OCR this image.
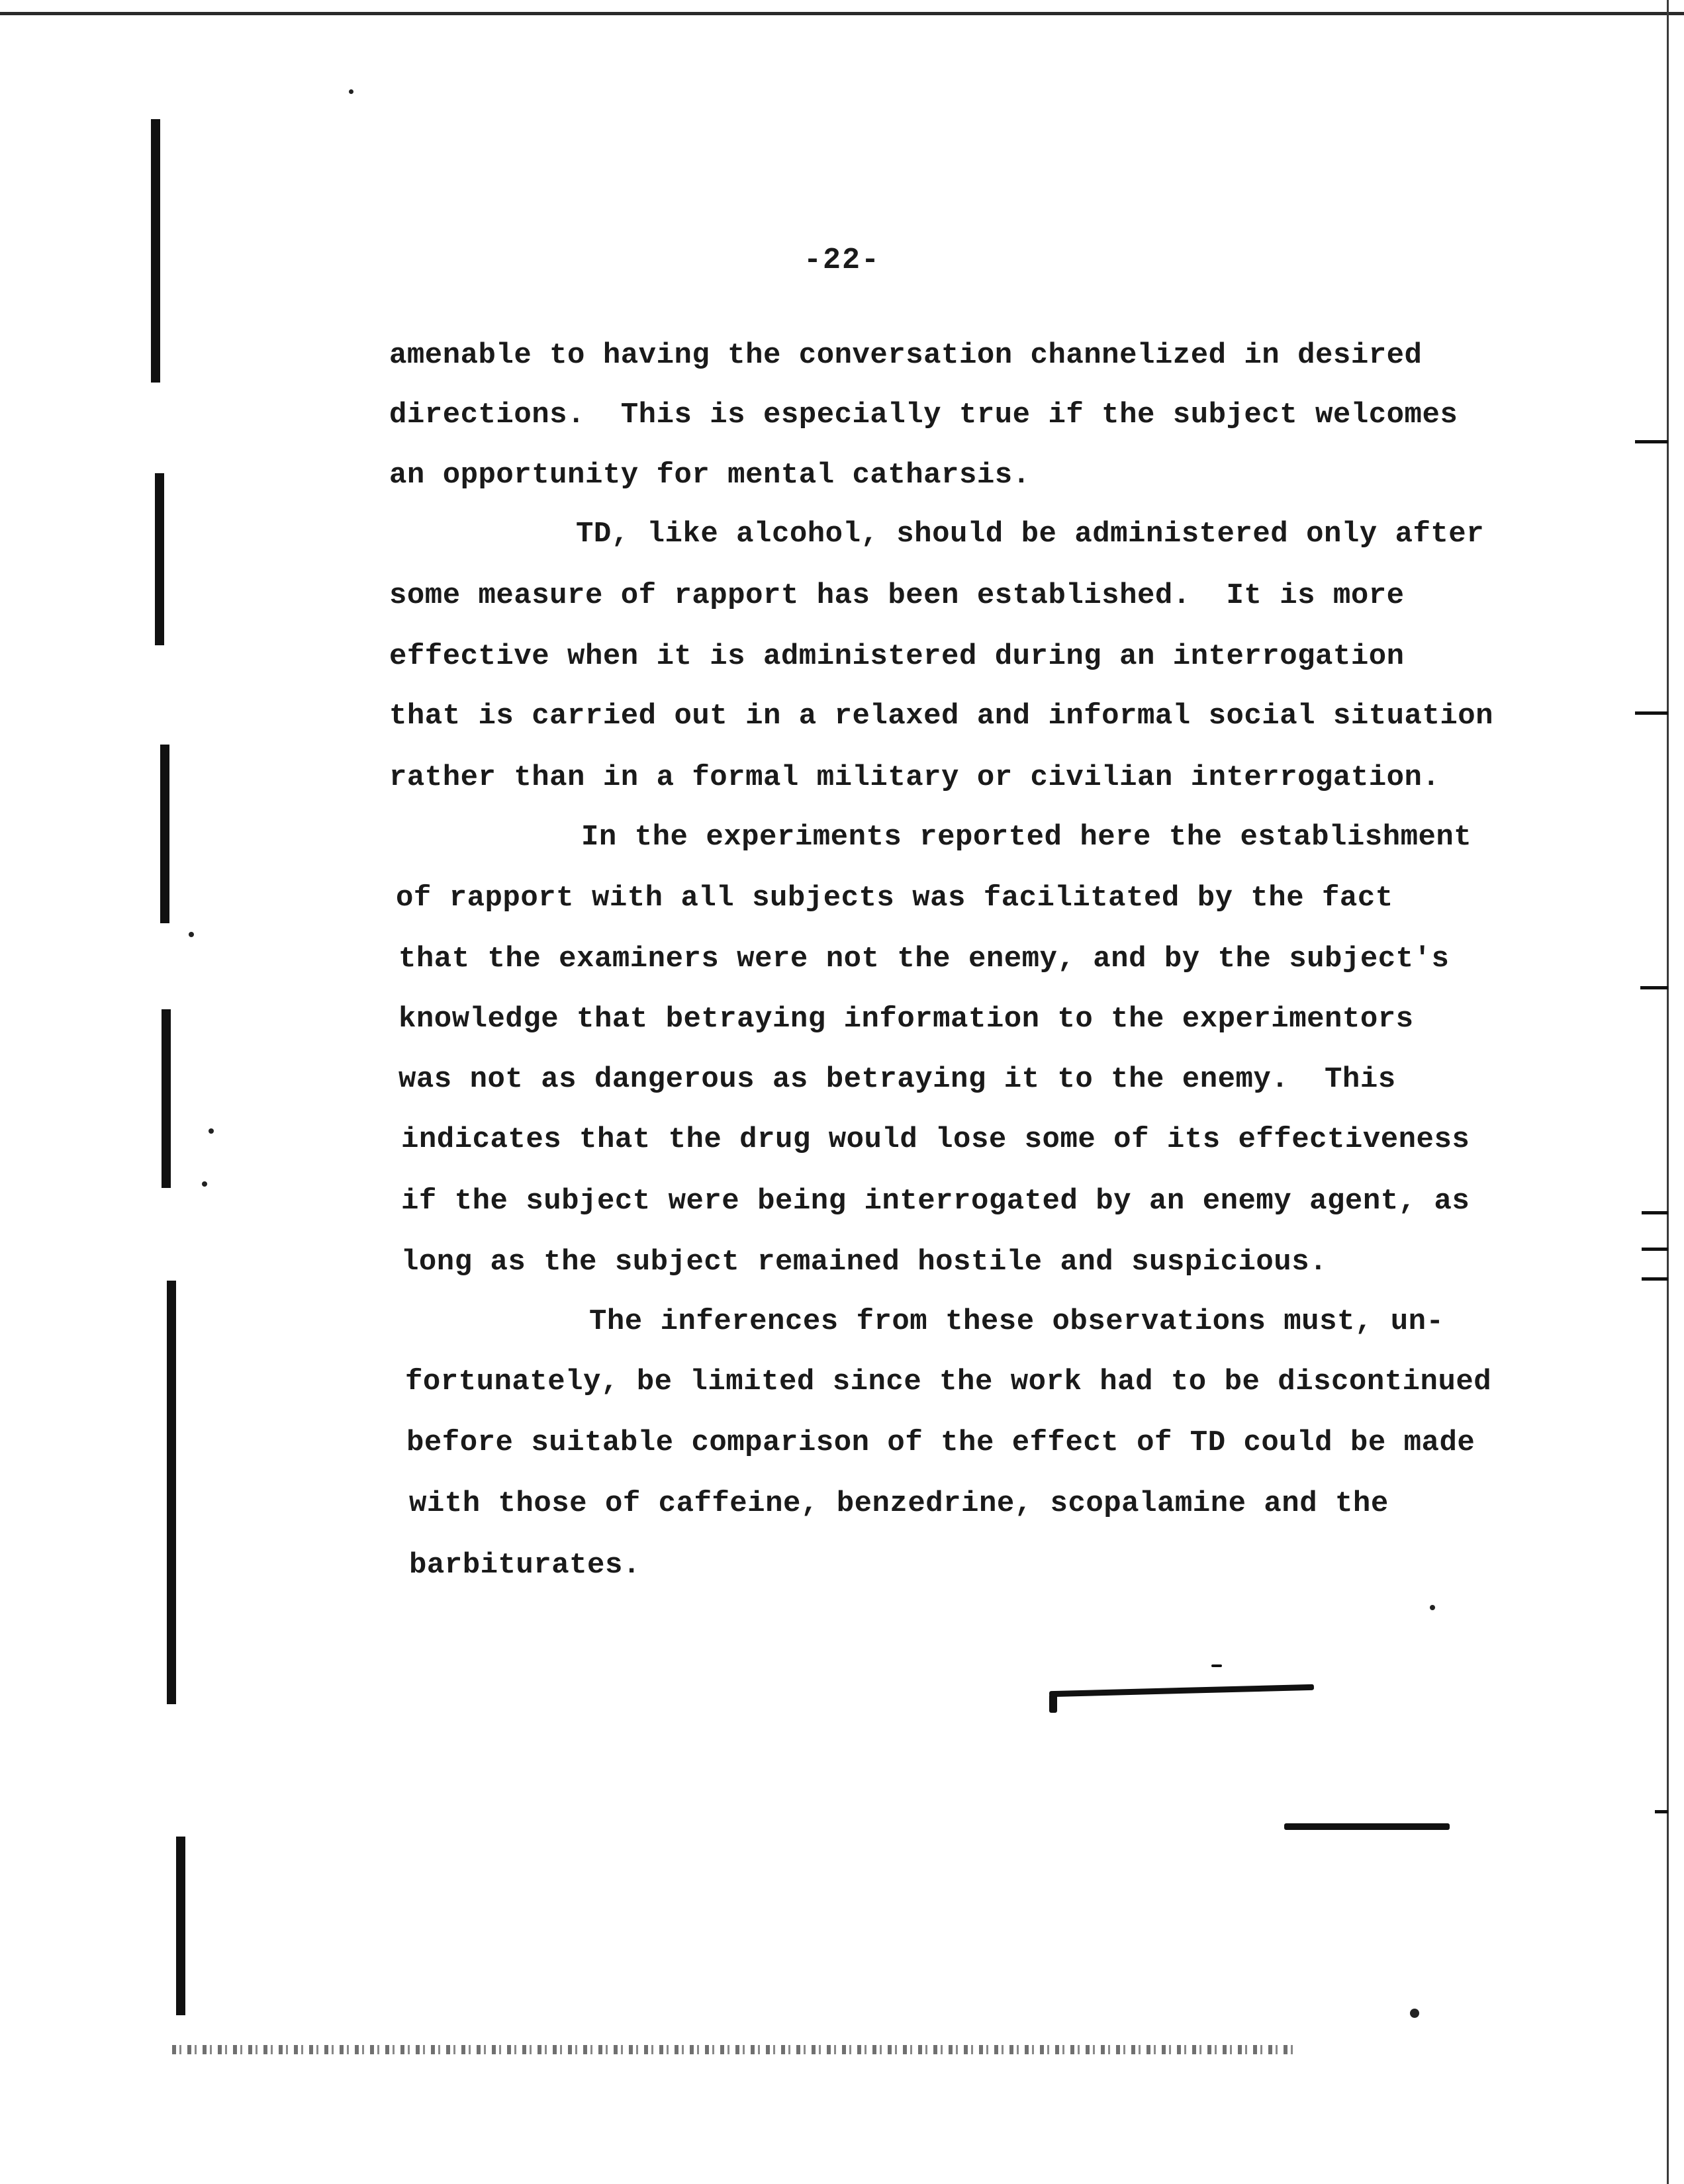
-22-
amenable to having the conversation channelized in desired
directions.  This is especially true if the subject welcomes
an opportunity for mental catharsis.
TD, like alcohol, should be administered only after
some measure of rapport has been established.  It is more
effective when it is administered during an interrogation
that is carried out in a relaxed and informal social situation
rather than in a formal military or civilian interrogation.
In the experiments reported here the establishment
of rapport with all subjects was facilitated by the fact
that the examiners were not the enemy, and by the subject's
knowledge that betraying information to the experimentors
was not as dangerous as betraying it to the enemy.  This
indicates that the drug would lose some of its effectiveness
if the subject were being interrogated by an enemy agent, as
long as the subject remained hostile and suspicious.
The inferences from these observations must, un-
fortunately, be limited since the work had to be discontinued
before suitable comparison of the effect of TD could be made
with those of caffeine, benzedrine, scopalamine and the
barbiturates.
